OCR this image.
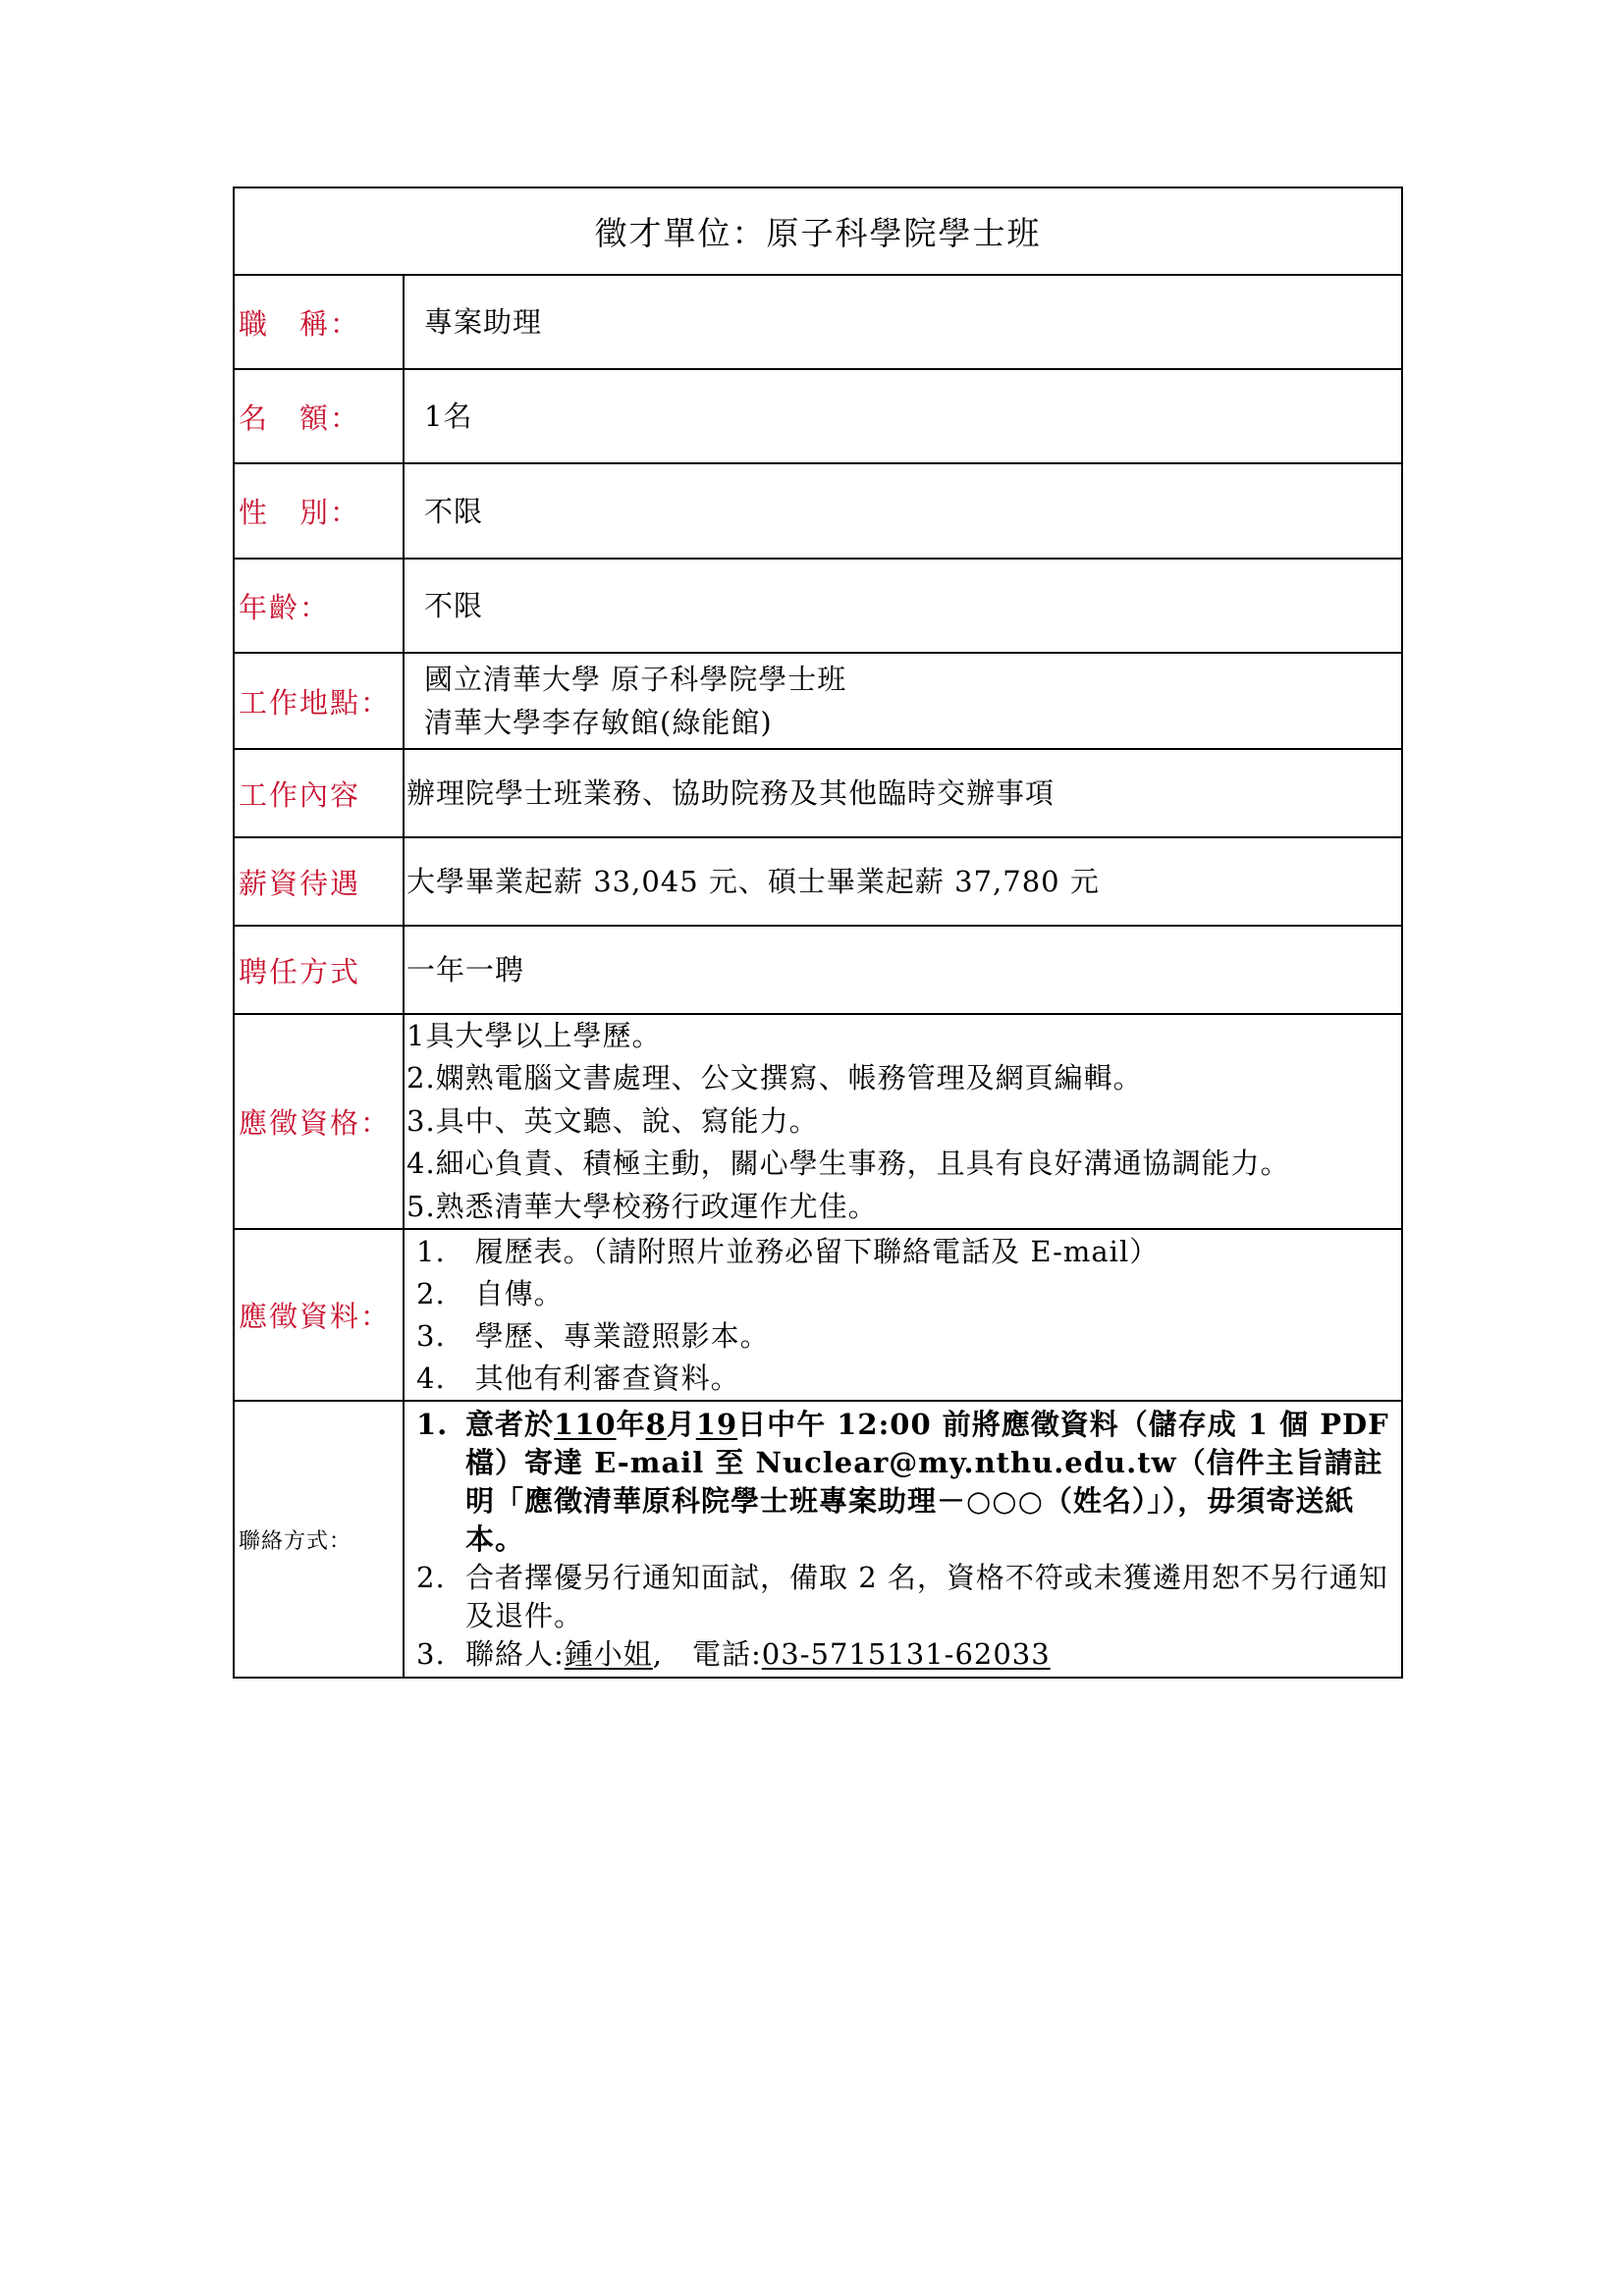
徵才單位：原子科學院學士班
職　稱：	專案助理
名　額：	1名
性　別：	不限
年齡：	不限
工作地點：
國立清華大學 原子科學院學士班
清華大學李存敏館(綠能館)
工作內容	辦理院學士班業務、協助院務及其他臨時交辦事項
薪資待遇	大學畢業起薪 33,045 元、碩士畢業起薪 37,780 元
聘任方式	一年一聘
應徵資格：
1具大學以上學歷。
2.嫻熟電腦文書處理、公文撰寫、帳務管理及網頁編輯。
3.具中、英文聽、說、寫能力。
4.細心負責、積極主動，關心學生事務，且具有良好溝通協調能力。
5.熟悉清華大學校務行政運作尤佳。
應徵資料：
1.　履歷表。（請附照片並務必留下聯絡電話及 E-mail）
2.　自傳。
3.　學歷、專業證照影本。
4.　其他有利審查資料。
聯絡方式：
1. 意者於110年8月19日中午 12:00 前將應徵資料（儲存成 1 個 PDF 檔）寄達 E-mail 至 Nuclear@my.nthu.edu.tw（信件主旨請註明「應徵清華原科院學士班專案助理－○○○（姓名）」），毋須寄送紙本。
2. 合者擇優另行通知面試，備取 2 名，資格不符或未獲遴用恕不另行通知及退件。
3. 聯絡人:鍾小姐,　電話:03-5715131-62033
